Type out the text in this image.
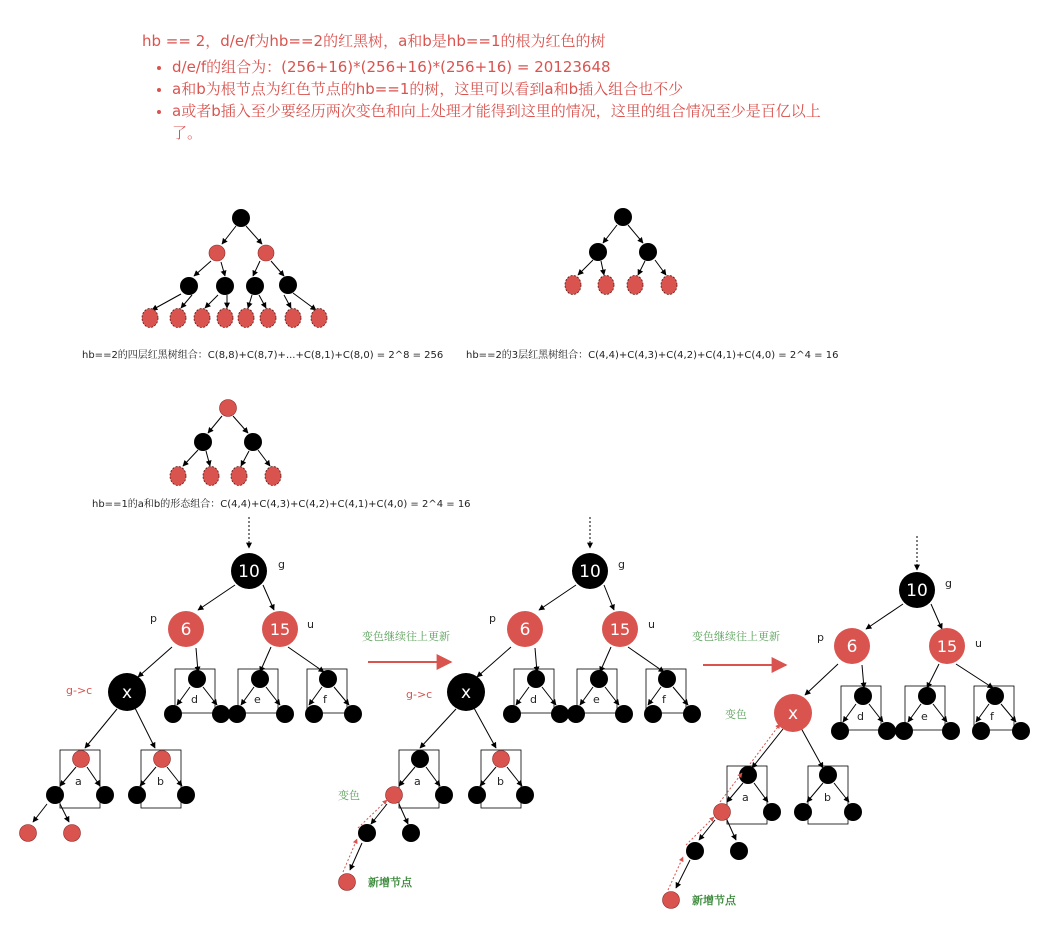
hb == 2，d/e/f为hb==2的红黑树，a和b是hb==1的根为红色的树

• d/e/f的组合为：(256+16)*(256+16)*(256+16) = 20123648
• a和b为根节点为红色节点的hb==1的树，这里可以看到a和b插入组合也不少
• a或者b插入至少要经历两次变色和向上处理才能得到这里的情况，这里的组合情况至少是百亿以上了。
hb==2的四层红黑树组合：C(8,8)+C(8,7)+...+C(8,1)+C(8,0) = 2^8 = 256 hb==2的3层红黑树组合：C(4,4)+C(4,3)+C(4,2)+C(4,1)+C(4,0) = 2^4 = 16
hb==1的a和b的形态组合：C(4,4)+C(4,3)+C(4,2)+C(4,1)+C(4,0) = 2^4 = 16
10 g
6
p
15 u
x
g->c
d	e	f
a	b
变色继续往上更新
10 g
6
p
15 u
x
g->c	d	e	f
a
变色
新增节点
b
变色继续往上更新
10 g
6
p	15 u
x
变色	d	e	f
a
新增节点
b
